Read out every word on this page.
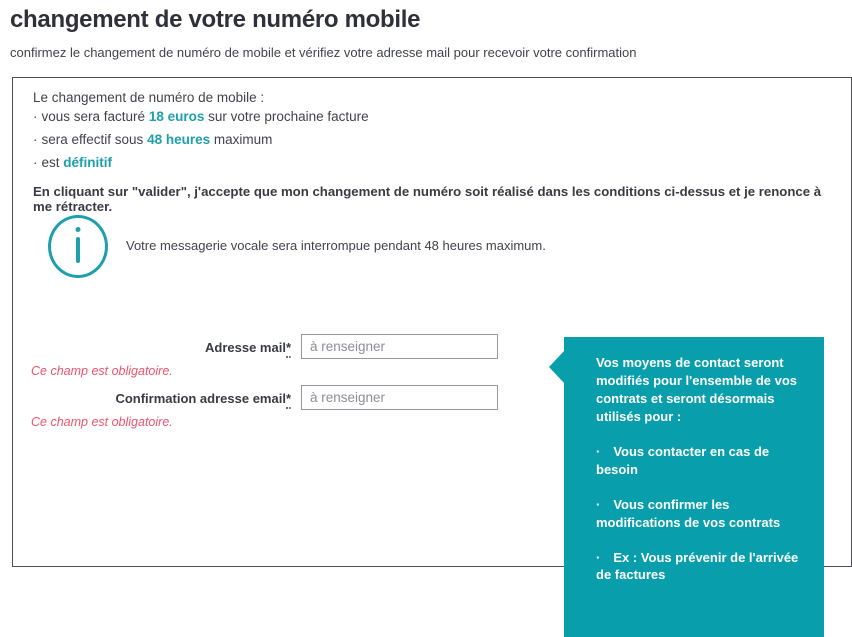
changement de votre numéro mobile
confirmez le changement de numéro de mobile et vérifiez votre adresse mail pour recevoir votre confirmation
Le changement de numéro de mobile :
· vous sera facturé 18 euros sur votre prochaine facture
· sera effectif sous 48 heures maximum
· est définitif
En cliquant sur "valider", j'accepte que mon changement de numéro soit réalisé dans les conditions ci-dessus et je renonce à me rétracter.
Votre messagerie vocale sera interrompue pendant 48 heures maximum.
Adresse mail*
à renseigner
Ce champ est obligatoire.
Confirmation adresse email*
à renseigner
Ce champ est obligatoire.
Vos moyens de contact seront modifiés pour l'ensemble de vos contrats et seront désormais utilisés pour :
· Vous contacter en cas de besoin
· Vous confirmer les modifications de vos contrats
· Ex : Vous prévenir de l'arrivée de factures
